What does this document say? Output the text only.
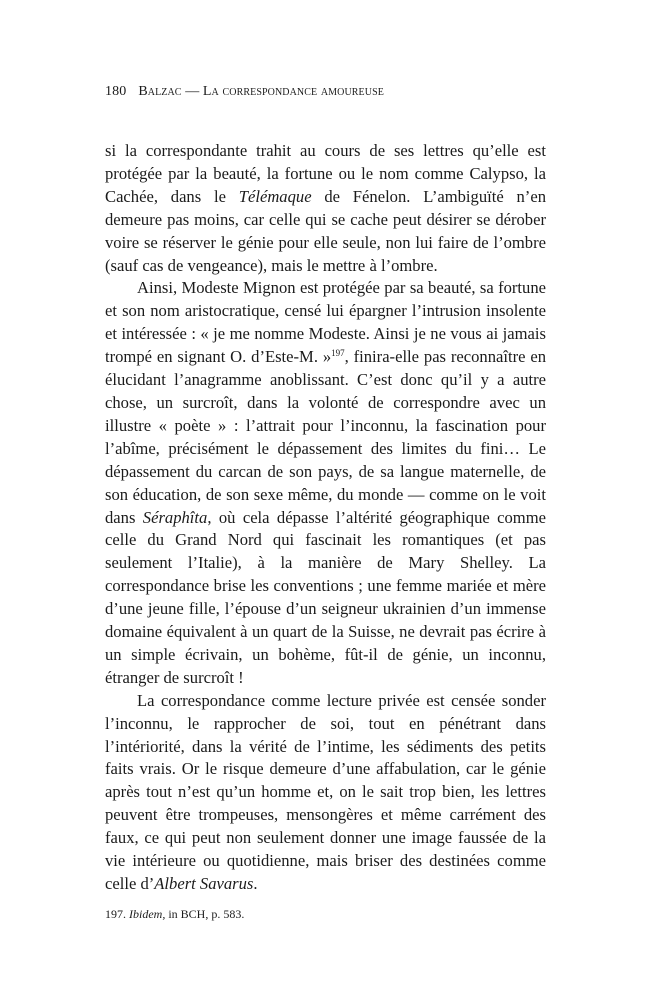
180 Balzac — La correspondance amoureuse

si la correspondante trahit au cours de ses lettres qu’elle est protégée par la beauté, la fortune ou le nom comme Calypso, la Cachée, dans le Télémaque de Fénelon. L’ambiguïté n’en demeure pas moins, car celle qui se cache peut désirer se dérober voire se réserver le génie pour elle seule, non lui faire de l’ombre (sauf cas de vengeance), mais le mettre à l’ombre.

Ainsi, Modeste Mignon est protégée par sa beauté, sa fortune et son nom aristocratique, censé lui épargner l’intrusion insolente et intéressée : « je me nomme Modeste. Ainsi je ne vous ai jamais trompé en signant O. d’Este-M. »$^{197}$, finira-elle pas reconnaître en élucidant l’anagramme anoblissant. C’est donc qu’il y a autre chose, un surcroît, dans la volonté de correspondre avec un illustre « poète » : l’attrait pour l’inconnu, la fascination pour l’abîme, précisément le dépassement des limites du fini… Le dépassement du carcan de son pays, de sa langue maternelle, de son éducation, de son sexe même, du monde — comme on le voit dans Séraphîta, où cela dépasse l’altérité géographique comme celle du Grand Nord qui fascinait les romantiques (et pas seulement l’Italie), à la manière de Mary Shelley. La correspondance brise les conventions ; une femme mariée et mère d’une jeune fille, l’épouse d’un seigneur ukrainien d’un immense domaine équivalent à un quart de la Suisse, ne devrait pas écrire à un simple écrivain, un bohème, fût-il de génie, un inconnu, étranger de surcroît !

La correspondance comme lecture privée est censée sonder l’inconnu, le rapprocher de soi, tout en pénétrant dans l’intériorité, dans la vérité de l’intime, les sédiments des petits faits vrais. Or le risque demeure d’une affabulation, car le génie après tout n’est qu’un homme et, on le sait trop bien, les lettres peuvent être trompeuses, mensongères et même carrément des faux, ce qui peut non seulement donner une image faussée de la vie intérieure ou quotidienne, mais briser des destinées comme celle d’Albert Savarus.

197. Ibidem, in BCH, p. 583.
